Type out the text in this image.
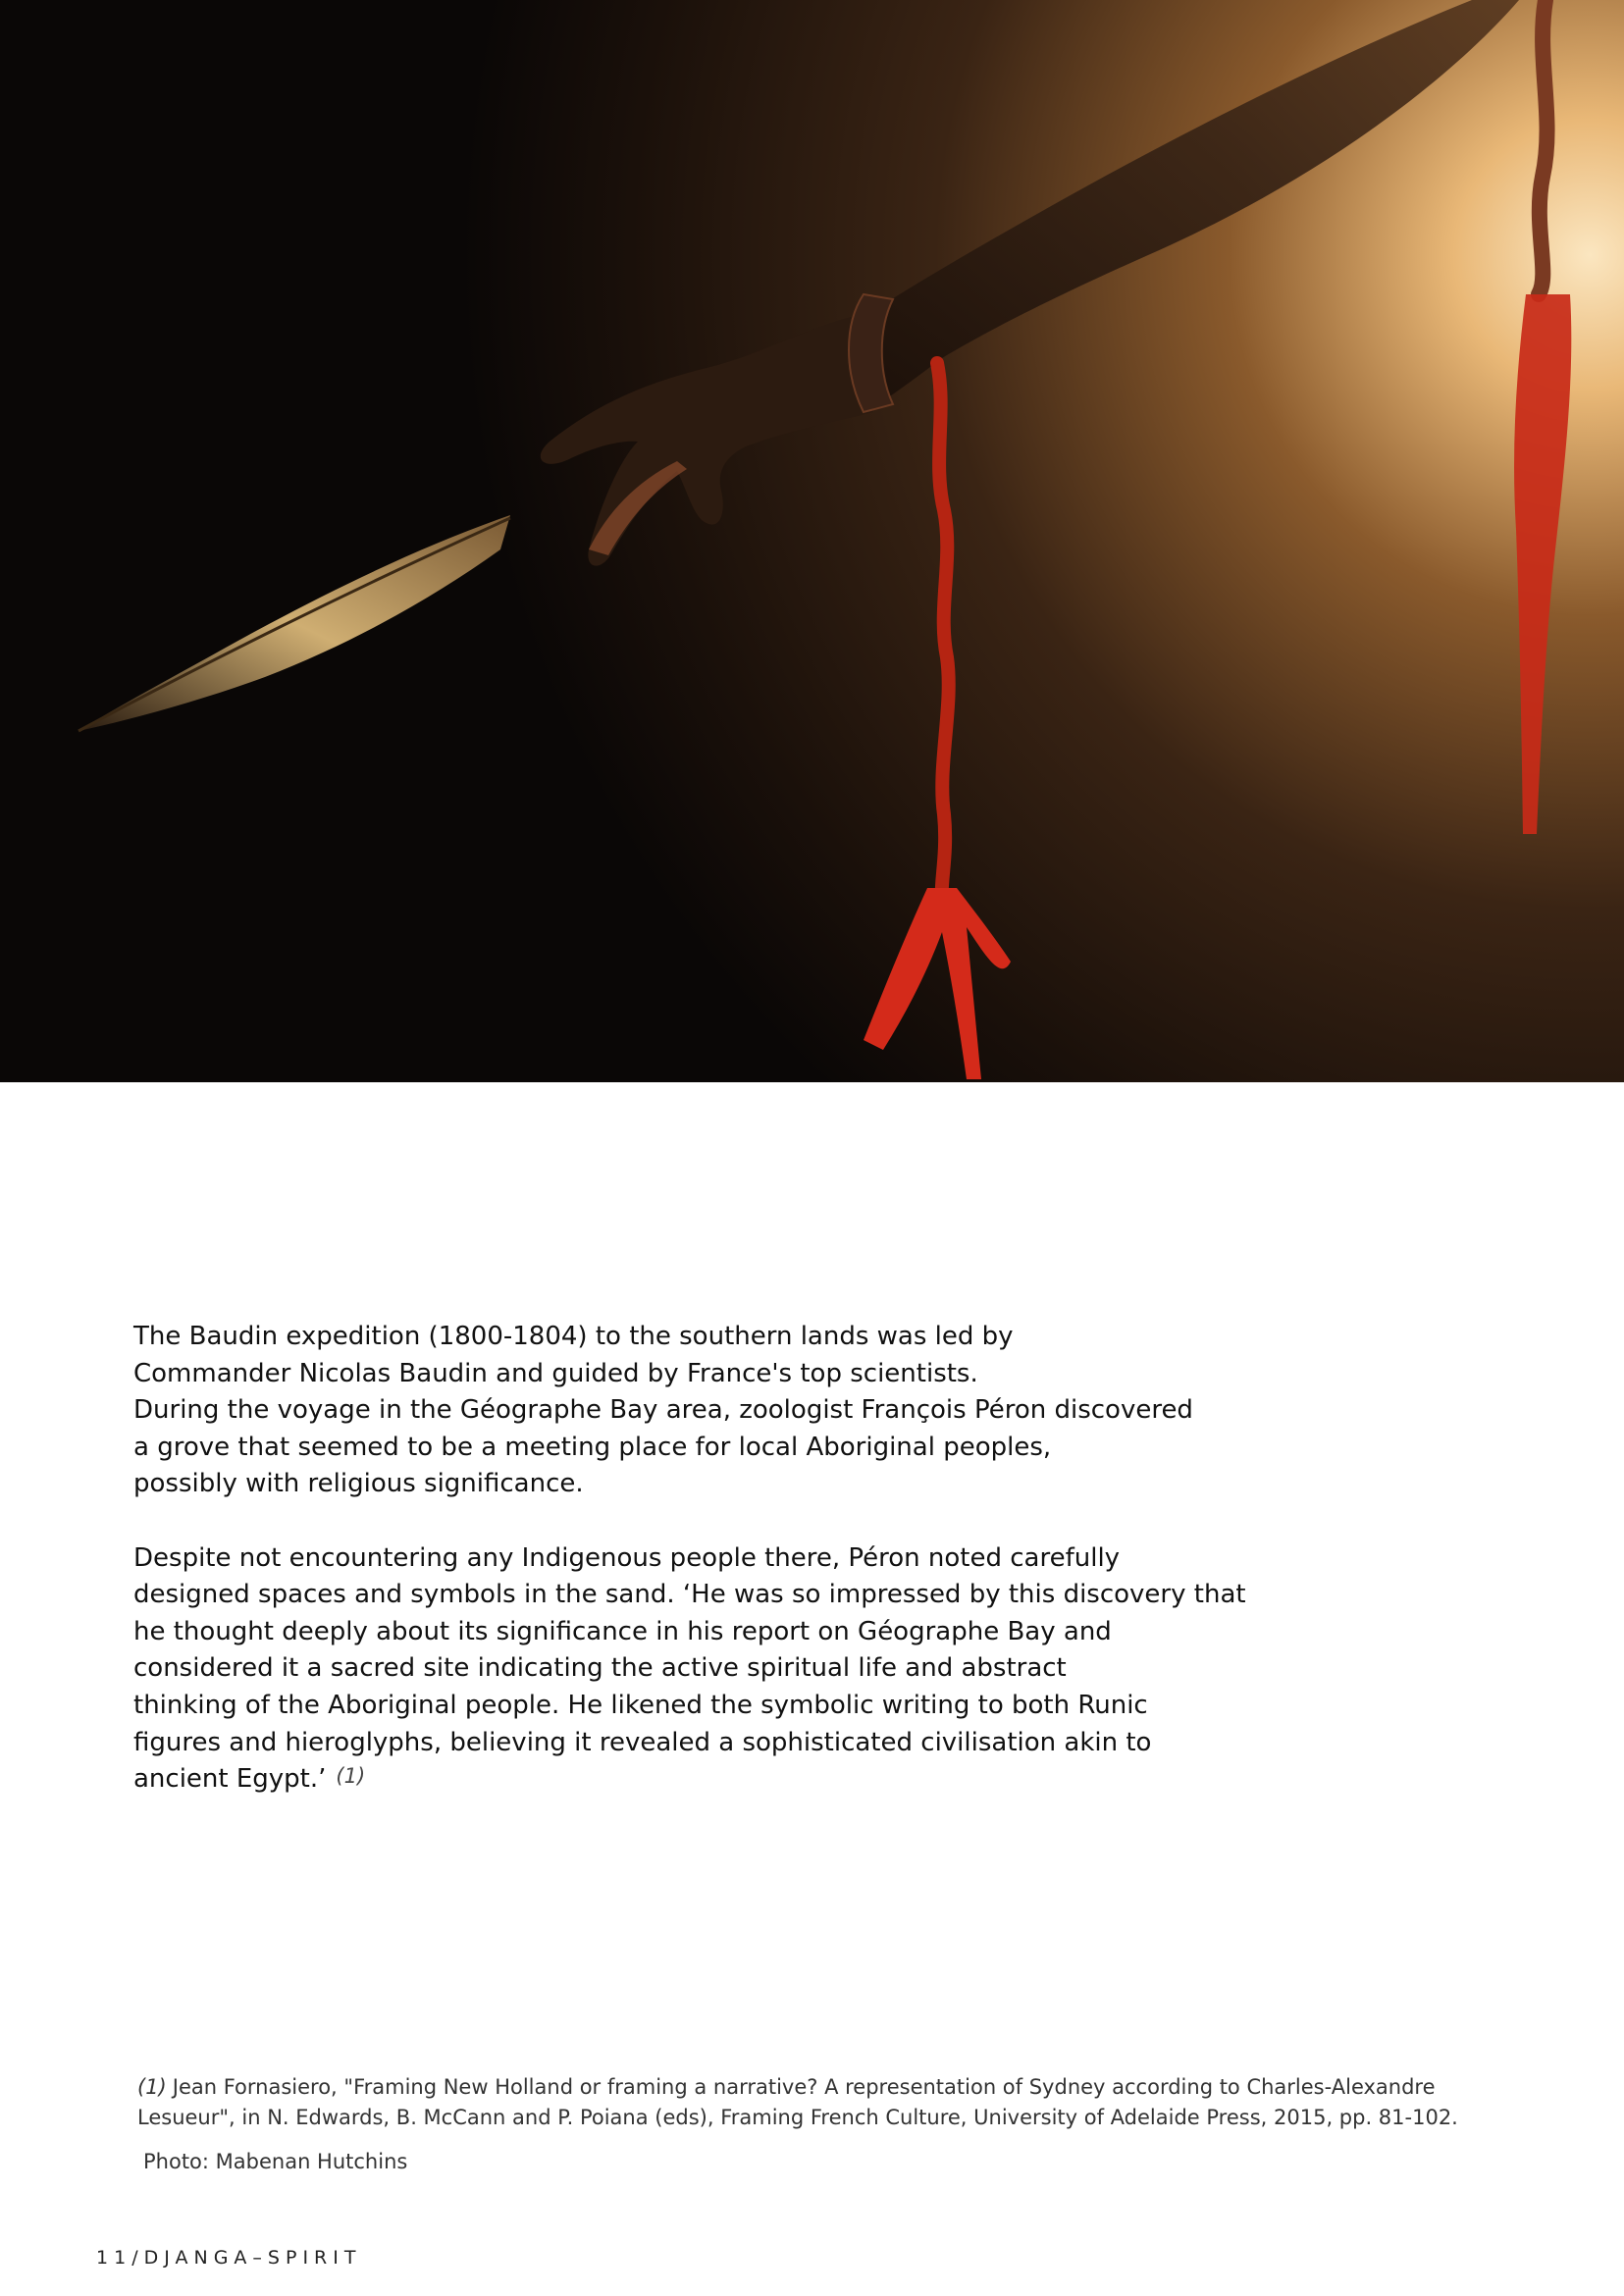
The Baudin expedition (1800-1804) to the southern lands was led by
Commander Nicolas Baudin and guided by France's top scientists.
During the voyage in the Géographe Bay area, zoologist François Péron discovered
a grove that seemed to be a meeting place for local Aboriginal peoples,
possibly with religious significance.

Despite not encountering any Indigenous people there, Péron noted carefully
designed spaces and symbols in the sand. ‘He was so impressed by this discovery that
he thought deeply about its significance in his report on Géographe Bay and
considered it a sacred site indicating the active spiritual life and abstract
thinking of the Aboriginal people. He likened the symbolic writing to both Runic
figures and hieroglyphs, believing it revealed a sophisticated civilisation akin to
ancient Egypt.’ (1)

(1) Jean Fornasiero, "Framing New Holland or framing a narrative? A representation of Sydney according to Charles-Alexandre
Lesueur", in N. Edwards, B. McCann and P. Poiana (eds), Framing French Culture, University of Adelaide Press, 2015, pp. 81-102.
Photo: Mabenan Hutchins
11/DJANGA–SPIRIT
